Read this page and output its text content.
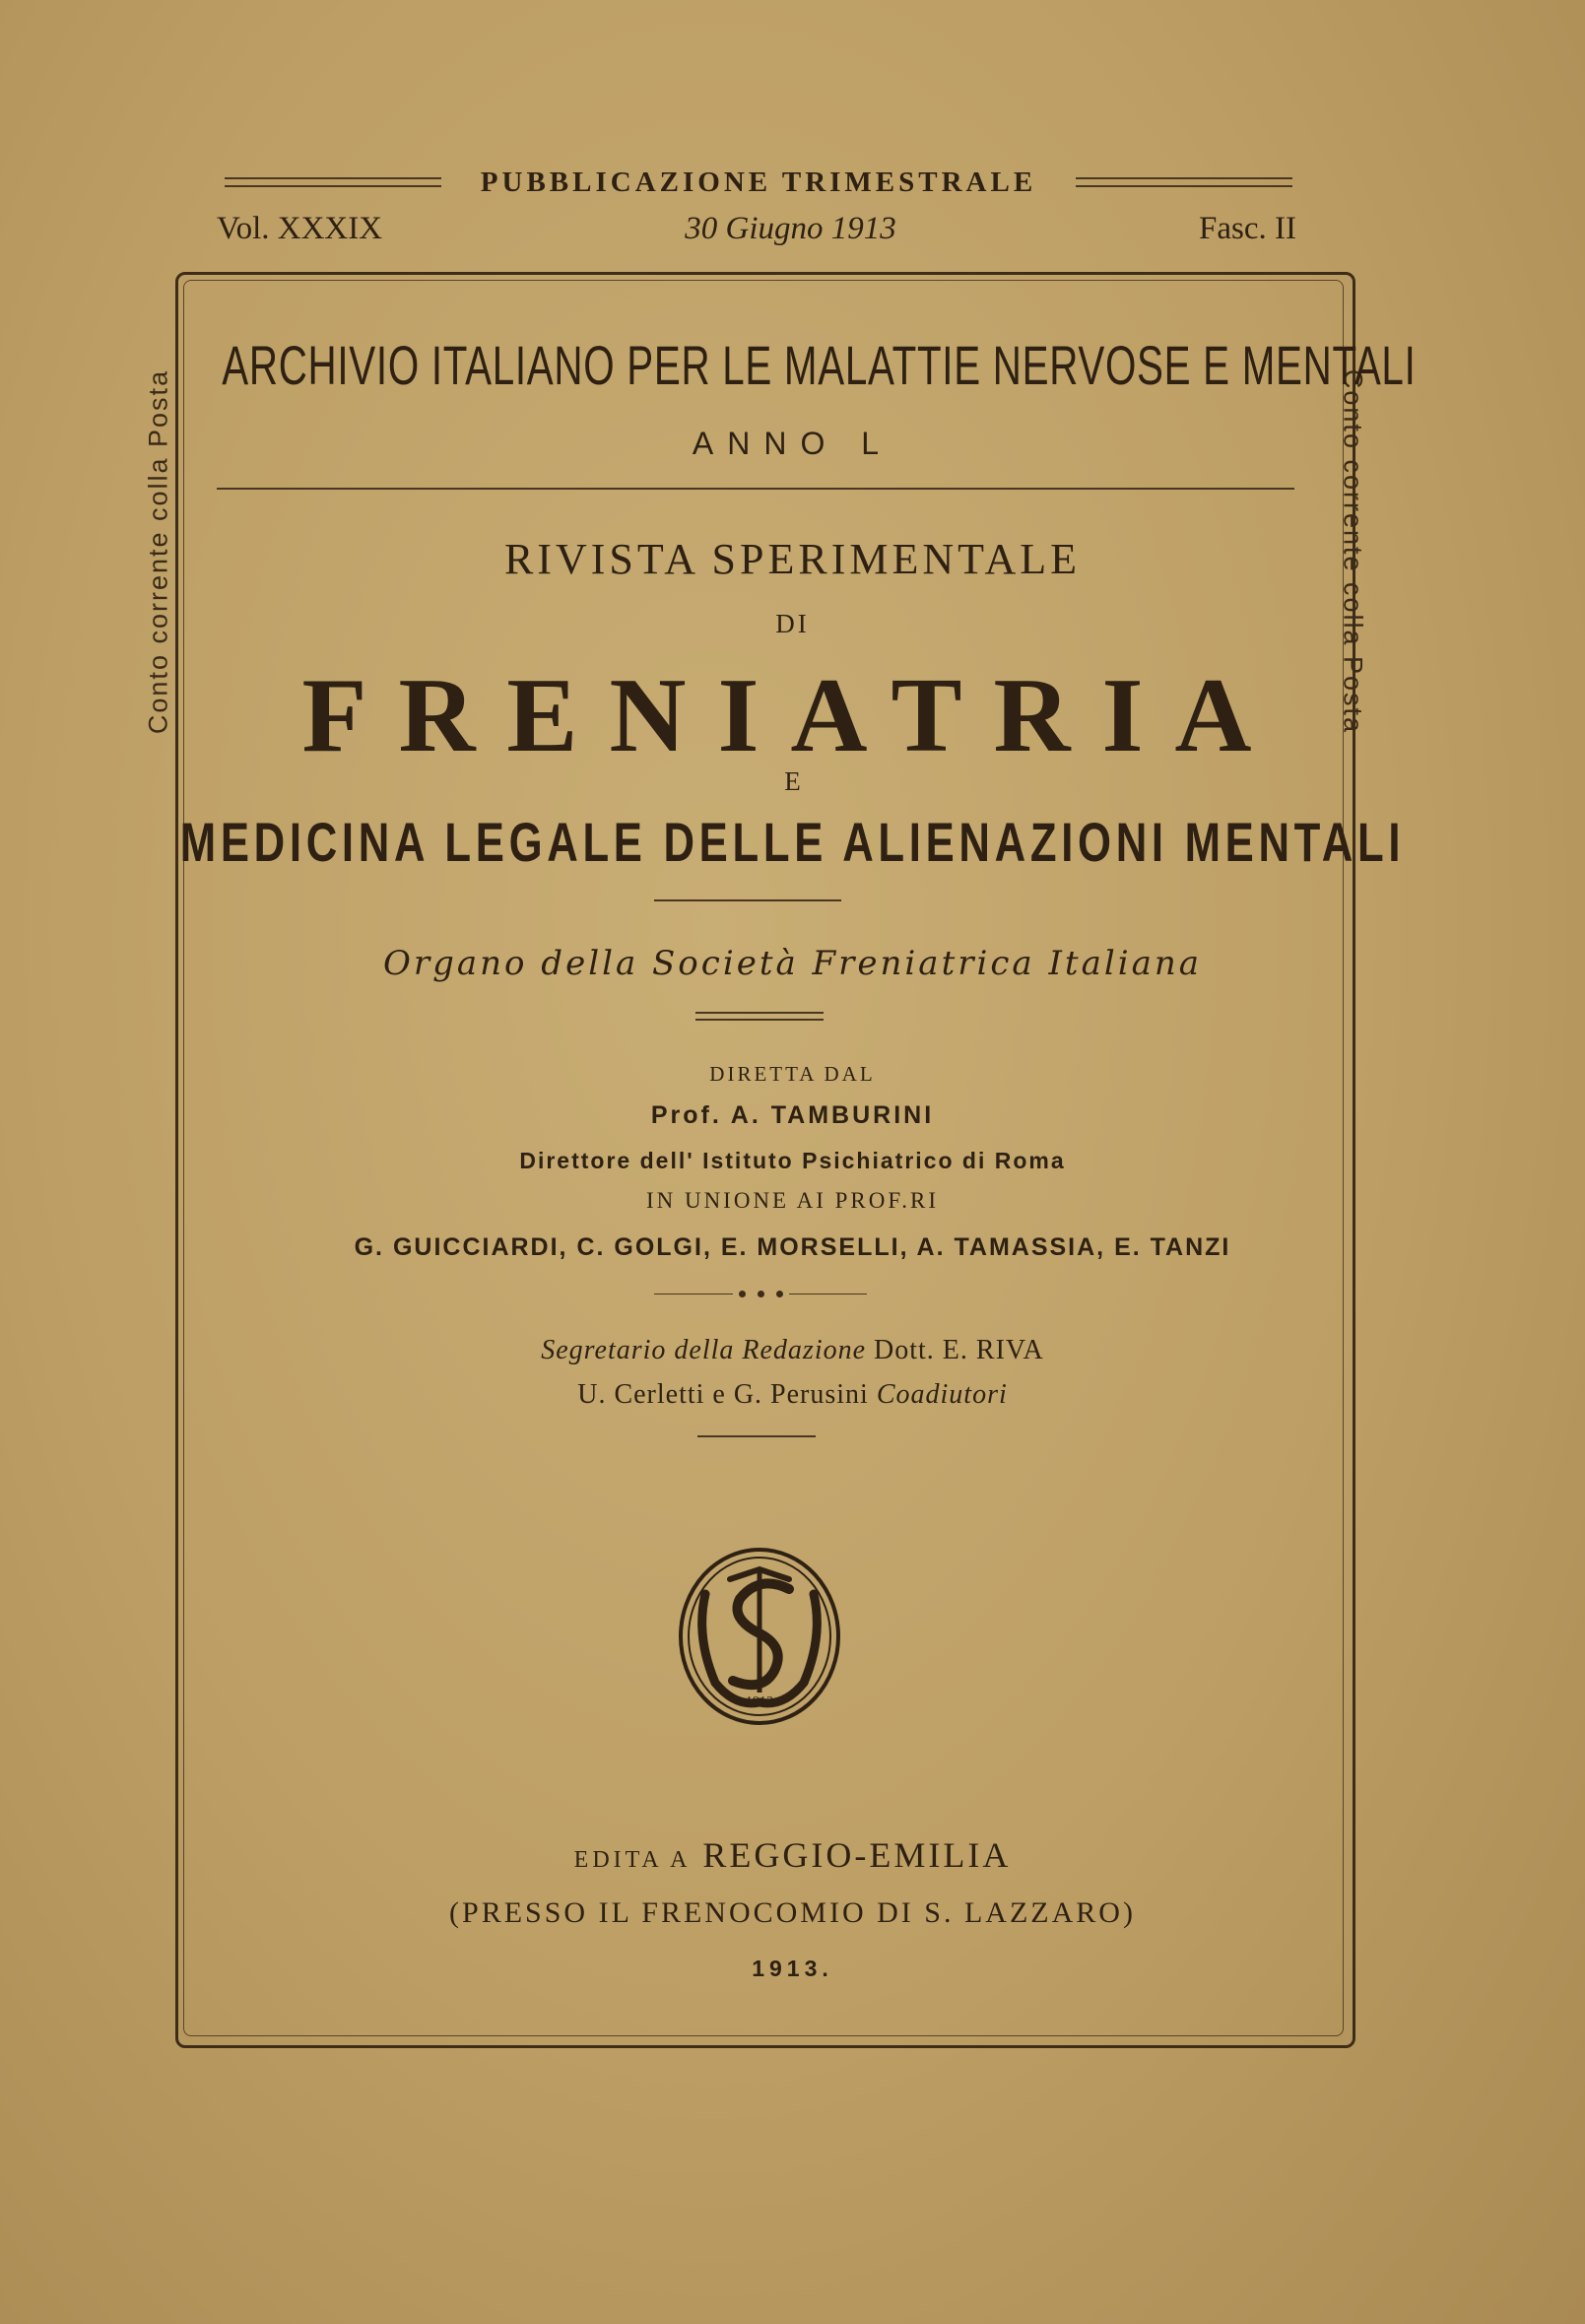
PUBBLICAZIONE TRIMESTRALE
Vol. XXXIX	30 Giugno 1913	Fasc. II
Conto corrente colla Posta	Conto corrente colla Posta
ARCHIVIO ITALIANO PER LE MALATTIE NERVOSE E MENTALI
ANNO L
RIVISTA SPERIMENTALE
DI
FRENIATRIA
E
MEDICINA LEGALE DELLE ALIENAZIONI MENTALI
Organo della Società Freniatrica Italiana
DIRETTA DAL
Prof. A. TAMBURINI
Direttore dell' Istituto Psichiatrico di Roma
IN UNIONE AI PROF.RI
G. GUICCIARDI, C. GOLGI, E. MORSELLI, A. TAMASSIA, E. TANZI
Segretario della Redazione Dott. E. RIVA
U. Cerletti e G. Perusini Coadiutori
1913
EDITA A REGGIO-EMILIA
(PRESSO IL FRENOCOMIO DI S. LAZZARO)
1913.
